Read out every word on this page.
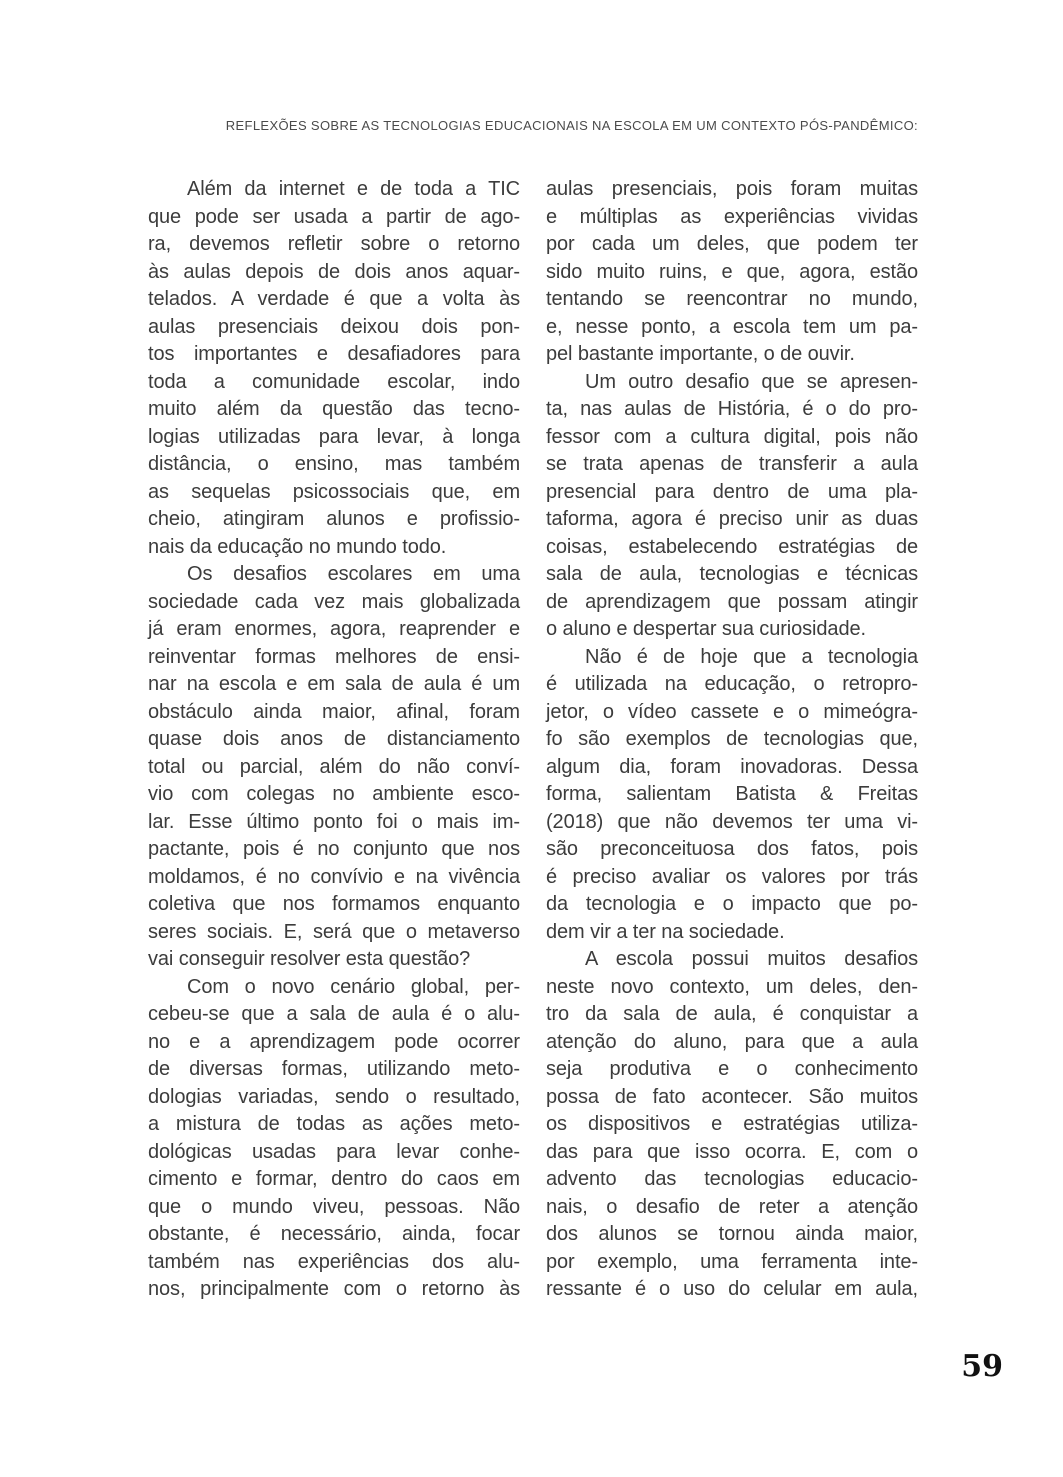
REFLEXÕES SOBRE AS TECNOLOGIAS EDUCACIONAIS NA ESCOLA EM UM CONTEXTO PÓS-PANDÊMICO:
Além da internet e de toda a TIC
que pode ser usada a partir de ago-
ra, devemos refletir sobre o retorno
às aulas depois de dois anos aquar-
telados. A verdade é que a volta às
aulas presenciais deixou dois pon-
tos importantes e desafiadores para
toda a comunidade escolar, indo
muito além da questão das tecno-
logias utilizadas para levar, à longa
distância, o ensino, mas também
as sequelas psicossociais que, em
cheio, atingiram alunos e profissio-
nais da educação no mundo todo.
Os desafios escolares em uma
sociedade cada vez mais globalizada
já eram enormes, agora, reaprender e
reinventar formas melhores de ensi-
nar na escola e em sala de aula é um
obstáculo ainda maior, afinal, foram
quase dois anos de distanciamento
total ou parcial, além do não conví-
vio com colegas no ambiente esco-
lar. Esse último ponto foi o mais im-
pactante, pois é no conjunto que nos
moldamos, é no convívio e na vivência
coletiva que nos formamos enquanto
seres sociais. E, será que o metaverso
vai conseguir resolver esta questão?
Com o novo cenário global, per-
cebeu-se que a sala de aula é o alu-
no e a aprendizagem pode ocorrer
de diversas formas, utilizando meto-
dologias variadas, sendo o resultado,
a mistura de todas as ações meto-
dológicas usadas para levar conhe-
cimento e formar, dentro do caos em
que o mundo viveu, pessoas. Não
obstante, é necessário, ainda, focar
também nas experiências dos alu-
nos, principalmente com o retorno às
aulas presenciais, pois foram muitas
e múltiplas as experiências vividas
por cada um deles, que podem ter
sido muito ruins, e que, agora, estão
tentando se reencontrar no mundo,
e, nesse ponto, a escola tem um pa-
pel bastante importante, o de ouvir.
Um outro desafio que se apresen-
ta, nas aulas de História, é o do pro-
fessor com a cultura digital, pois não
se trata apenas de transferir a aula
presencial para dentro de uma pla-
taforma, agora é preciso unir as duas
coisas, estabelecendo estratégias de
sala de aula, tecnologias e técnicas
de aprendizagem que possam atingir
o aluno e despertar sua curiosidade.
Não é de hoje que a tecnologia
é utilizada na educação, o retropro-
jetor, o vídeo cassete e o mimeógra-
fo são exemplos de tecnologias que,
algum dia, foram inovadoras. Dessa
forma, salientam Batista & Freitas
(2018) que não devemos ter uma vi-
são preconceituosa dos fatos, pois
é preciso avaliar os valores por trás
da tecnologia e o impacto que po-
dem vir a ter na sociedade.
A escola possui muitos desafios
neste novo contexto, um deles, den-
tro da sala de aula, é conquistar a
atenção do aluno, para que a aula
seja produtiva e o conhecimento
possa de fato acontecer. São muitos
os dispositivos e estratégias utiliza-
das para que isso ocorra. E, com o
advento das tecnologias educacio-
nais, o desafio de reter a atenção
dos alunos se tornou ainda maior,
por exemplo, uma ferramenta inte-
ressante é o uso do celular em aula,
59
